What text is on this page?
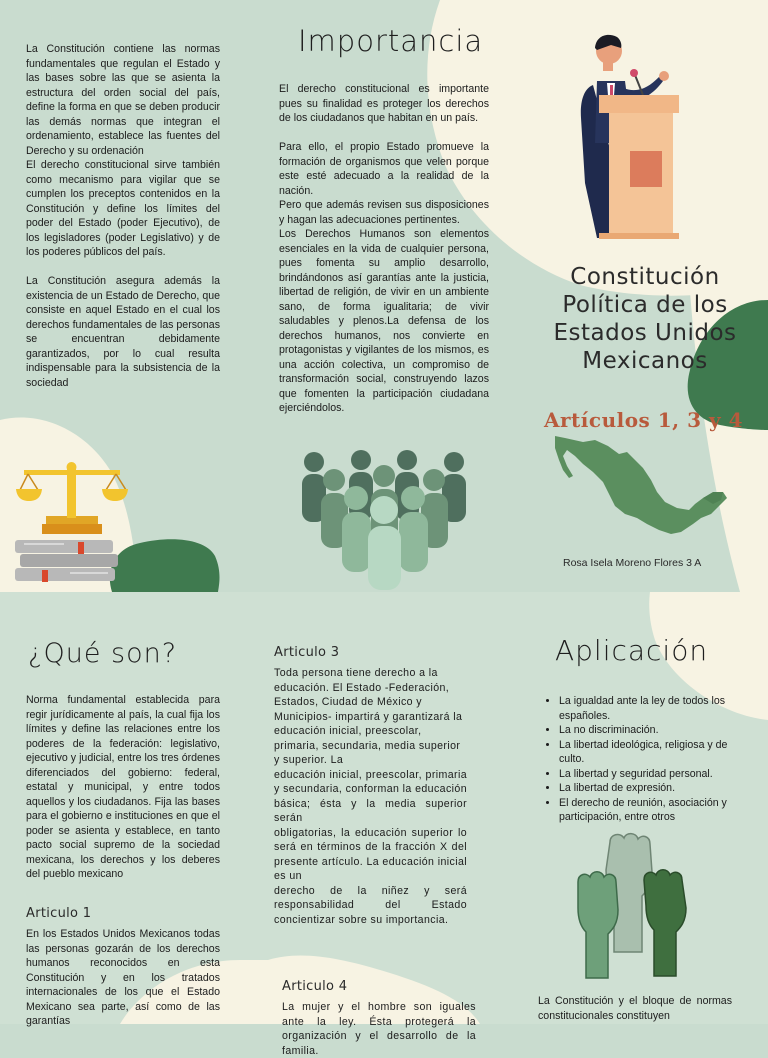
La Constitución contiene las normas fundamentales que regulan el Estado y las bases sobre las que se asienta la estructura del orden social del país, define la forma en que se deben producir las demás normas que integran el ordenamiento, establece las fuentes del Derecho y su ordenación

El derecho constitucional sirve también como mecanismo para vigilar que se cumplen los preceptos contenidos en la Constitución y define los límites del poder del Estado (poder Ejecutivo), de los legisladores (poder Legislativo) y de los poderes públicos del país.

La Constitución asegura además la existencia de un Estado de Derecho, que consiste en aquel Estado en el cual los derechos fundamentales de las personas se encuentran debidamente garantizados, por lo cual resulta indispensable para la subsistencia de la sociedad

Importancia

El derecho constitucional es importante pues su finalidad es proteger los derechos de los ciudadanos que habitan en un país.

Para ello, el propio Estado promueve la formación de organismos que velen porque este esté adecuado a la realidad de la nación.

Pero que además revisen sus disposiciones y hagan las adecuaciones pertinentes.

Los Derechos Humanos son elementos esenciales en la vida de cualquier persona, pues fomenta su amplio desarrollo, brindándonos así garantías ante la justicia, libertad de religión, de vivir en un ambiente sano, de forma igualitaria; de vivir saludables y plenos.La defensa de los derechos humanos, nos convierte en protagonistas y vigilantes de los mismos, es una acción colectiva, un compromiso de transformación social, construyendo lazos que fomenten la participación ciudadana ejerciéndolos.

Constitución Política de los Estados Unidos Mexicanos
Artículos 1, 3 y 4
Rosa Isela Moreno Flores 3 A
¿Qué son?
Norma fundamental establecida para regir jurídicamente al país, la cual fija los límites y define las relaciones entre los poderes de la federación: legislativo, ejecutivo y judicial, entre los tres órdenes diferenciados del gobierno: federal, estatal y municipal, y entre todos aquellos y los ciudadanos. Fija las bases para el gobierno e instituciones en que el poder se asienta y establece, en tanto pacto social supremo de la sociedad mexicana, los derechos y los deberes del pueblo mexicano
Articulo 1
En los Estados Unidos Mexicanos todas las personas gozarán de los derechos humanos reconocidos en esta Constitución y en los tratados internacionales de los que el Estado Mexicano sea parte, así como de las garantías
Articulo 3

Toda persona tiene derecho a la educación. El Estado -Federación, Estados, Ciudad de México y Municipios- impartirá y garantizará la educación inicial, preescolar, primaria, secundaria, media superior y superior. La

educación inicial, preescolar, primaria y secundaria, conforman la educación básica; ésta y la media superior serán

obligatorias, la educación superior lo será en términos de la fracción X del presente artículo. La educación inicial es un

derecho de la niñez y será responsabilidad del Estado concientizar sobre su importancia.

Articulo 4
La mujer y el hombre son iguales ante la ley. Ésta protegerá la organización y el desarrollo de la familia.
Aplicación
• La igualdad ante la ley de todos los españoles.
• La no discriminación.
• La libertad ideológica, religiosa y de culto.
• La libertad y seguridad personal.
• La libertad de expresión.
• El derecho de reunión, asociación y participación, entre otros
La Constitución y el bloque de normas constitucionales constituyen
